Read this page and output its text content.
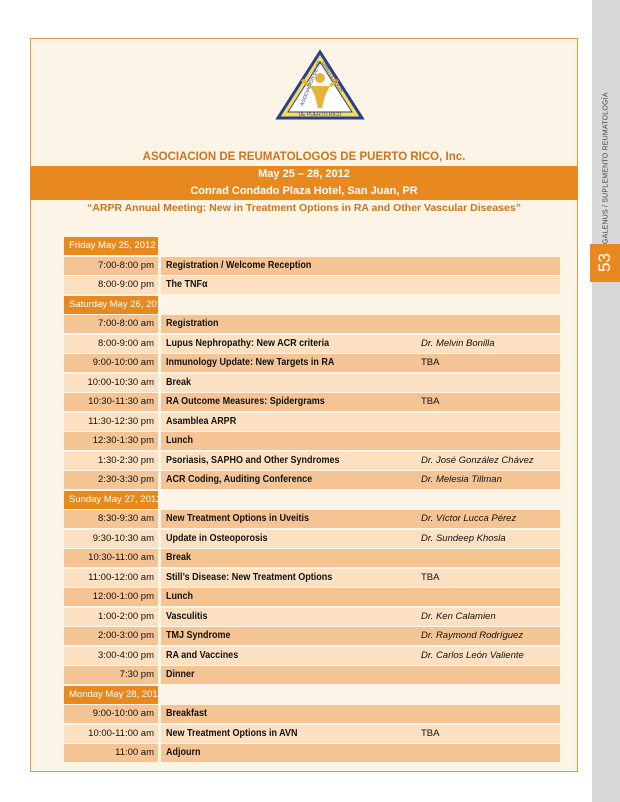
GALENUS / SUPLEMENTO REUMATOLOGÍA
53
ASOCIACION DE REUMATOLOGOS
DE PUERTO RICO
ASOCIACION DE REUMATOLOGOS DE PUERTO RICO, Inc.
May 25 – 28, 2012
Conrad Condado Plaza Hotel, San Juan, PR
“ARPR Annual Meeting: New in Treatment Options in RA and Other Vascular Diseases”
Friday May 25, 2012
7:00-8:00 pm	Registration / Welcome Reception
8:00-9:00 pm	The TNFα
Saturday May 26, 2012
7:00-8:00 am	Registration
8:00-9:00 am	Lupus Nephropathy: New ACR criteria	Dr. Melvin Bonilla
9:00-10:00 am	Inmunology Update: New Targets in RA	TBA
10:00-10:30 am	Break
10:30-11:30 am	RA Outcome Measures: Spidergrams	TBA
11:30-12:30 pm	Asamblea ARPR
12:30-1:30 pm	Lunch
1:30-2:30 pm	Psoriasis, SAPHO and Other Syndromes	Dr. José González Chávez
2:30-3:30 pm	ACR Coding, Auditing Conference	Dr. Melesia Tillman
Sunday May 27, 2012
8:30-9:30 am	New Treatment Options in Uveitis	Dr. Víctor Lucca Pérez
9:30-10:30 am	Update in Osteoporosis	Dr. Sundeep Khosla
10:30-11:00 am	Break
11:00-12:00 am	Still’s Disease: New Treatment Options	TBA
12:00-1:00 pm	Lunch
1:00-2:00 pm	Vasculitis	Dr. Ken Calamien
2:00-3:00 pm	TMJ Syndrome	Dr. Raymond Rodríguez
3:00-4:00 pm	RA and Vaccines	Dr. Carlos León Valiente
7:30 pm	Dinner
Monday May 28, 2012
9:00-10:00 am	Breakfast
10:00-11:00 am	New Treatment Options in AVN	TBA
11:00 am	Adjourn
